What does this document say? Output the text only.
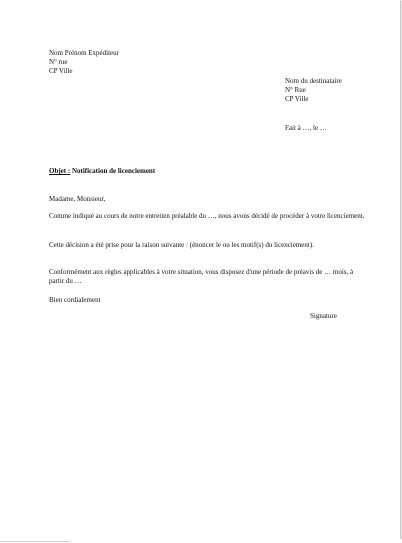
Nom Prénom Expéditeur
N° rue
CP Ville
Nom du destinataire
N° Rue
CP Ville
Fait à …, le …
Objet : Notification de licenciement
Madame, Monsieur,
Comme indiqué au cours de notre entretien préalable du …, nous avons décidé de procéder à votre licenciement.
Cette décision a été prise pour la raison suivante : (énoncer le ou les motif(s) du licenciement).
Conformément aux règles applicables à votre situation, vous disposez d'une période de préavis de … mois, à partir du …
Bien cordialement
Signature
